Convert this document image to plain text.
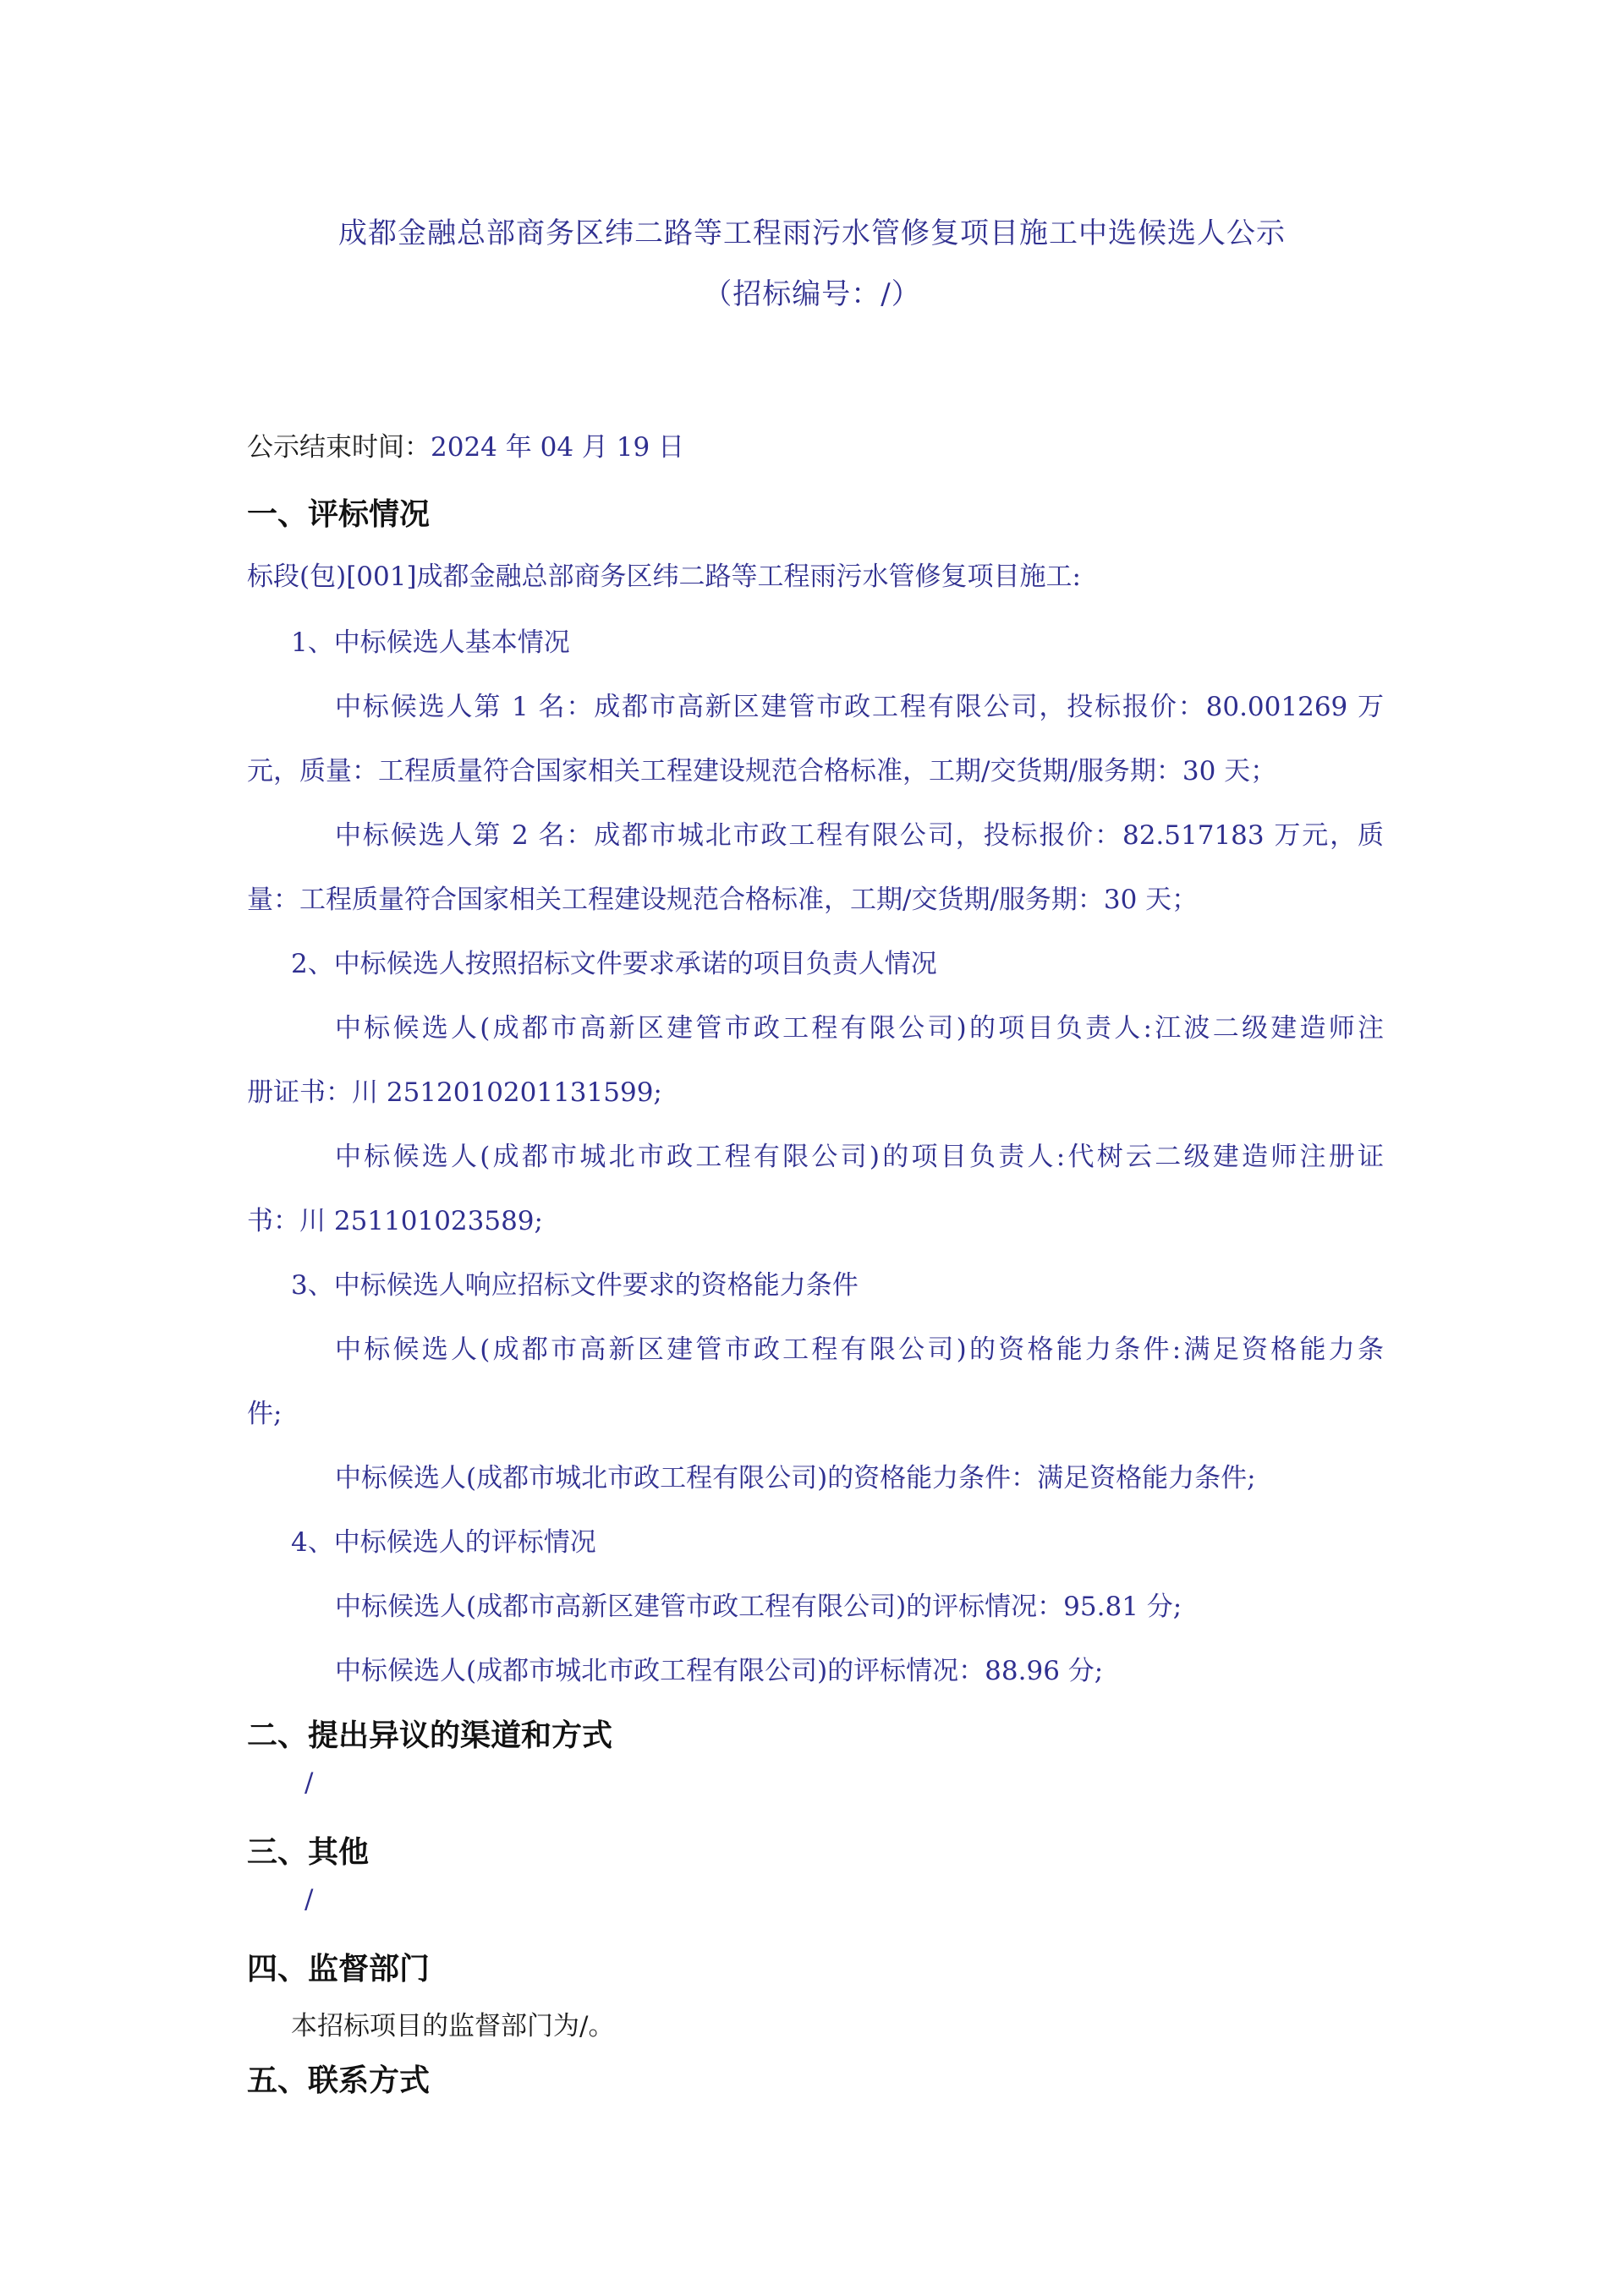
成都金融总部商务区纬二路等工程雨污水管修复项目施工中选候选人公示
（招标编号：/）
公示结束时间：2024 年 04 月 19 日
一、评标情况
标段(包)[001]成都金融总部商务区纬二路等工程雨污水管修复项目施工:
1、中标候选人基本情况
中标候选人第 1 名：成都市高新区建管市政工程有限公司，投标报价：80.001269 万
元，质量：工程质量符合国家相关工程建设规范合格标准，工期/交货期/服务期：30 天；
中标候选人第 2 名：成都市城北市政工程有限公司，投标报价：82.517183 万元，质
量：工程质量符合国家相关工程建设规范合格标准，工期/交货期/服务期：30 天；
2、中标候选人按照招标文件要求承诺的项目负责人情况
中标候选人(成都市高新区建管市政工程有限公司)的项目负责人:江波二级建造师注
册证书：川 2512010201131599;
中标候选人(成都市城北市政工程有限公司)的项目负责人:代树云二级建造师注册证
书：川 251101023589;
3、中标候选人响应招标文件要求的资格能力条件
中标候选人(成都市高新区建管市政工程有限公司)的资格能力条件:满足资格能力条
件;
中标候选人(成都市城北市政工程有限公司)的资格能力条件：满足资格能力条件;
4、中标候选人的评标情况
中标候选人(成都市高新区建管市政工程有限公司)的评标情况：95.81 分;
中标候选人(成都市城北市政工程有限公司)的评标情况：88.96 分;
二、提出异议的渠道和方式
/
三、其他
/
四、监督部门
本招标项目的监督部门为/。
五、联系方式
